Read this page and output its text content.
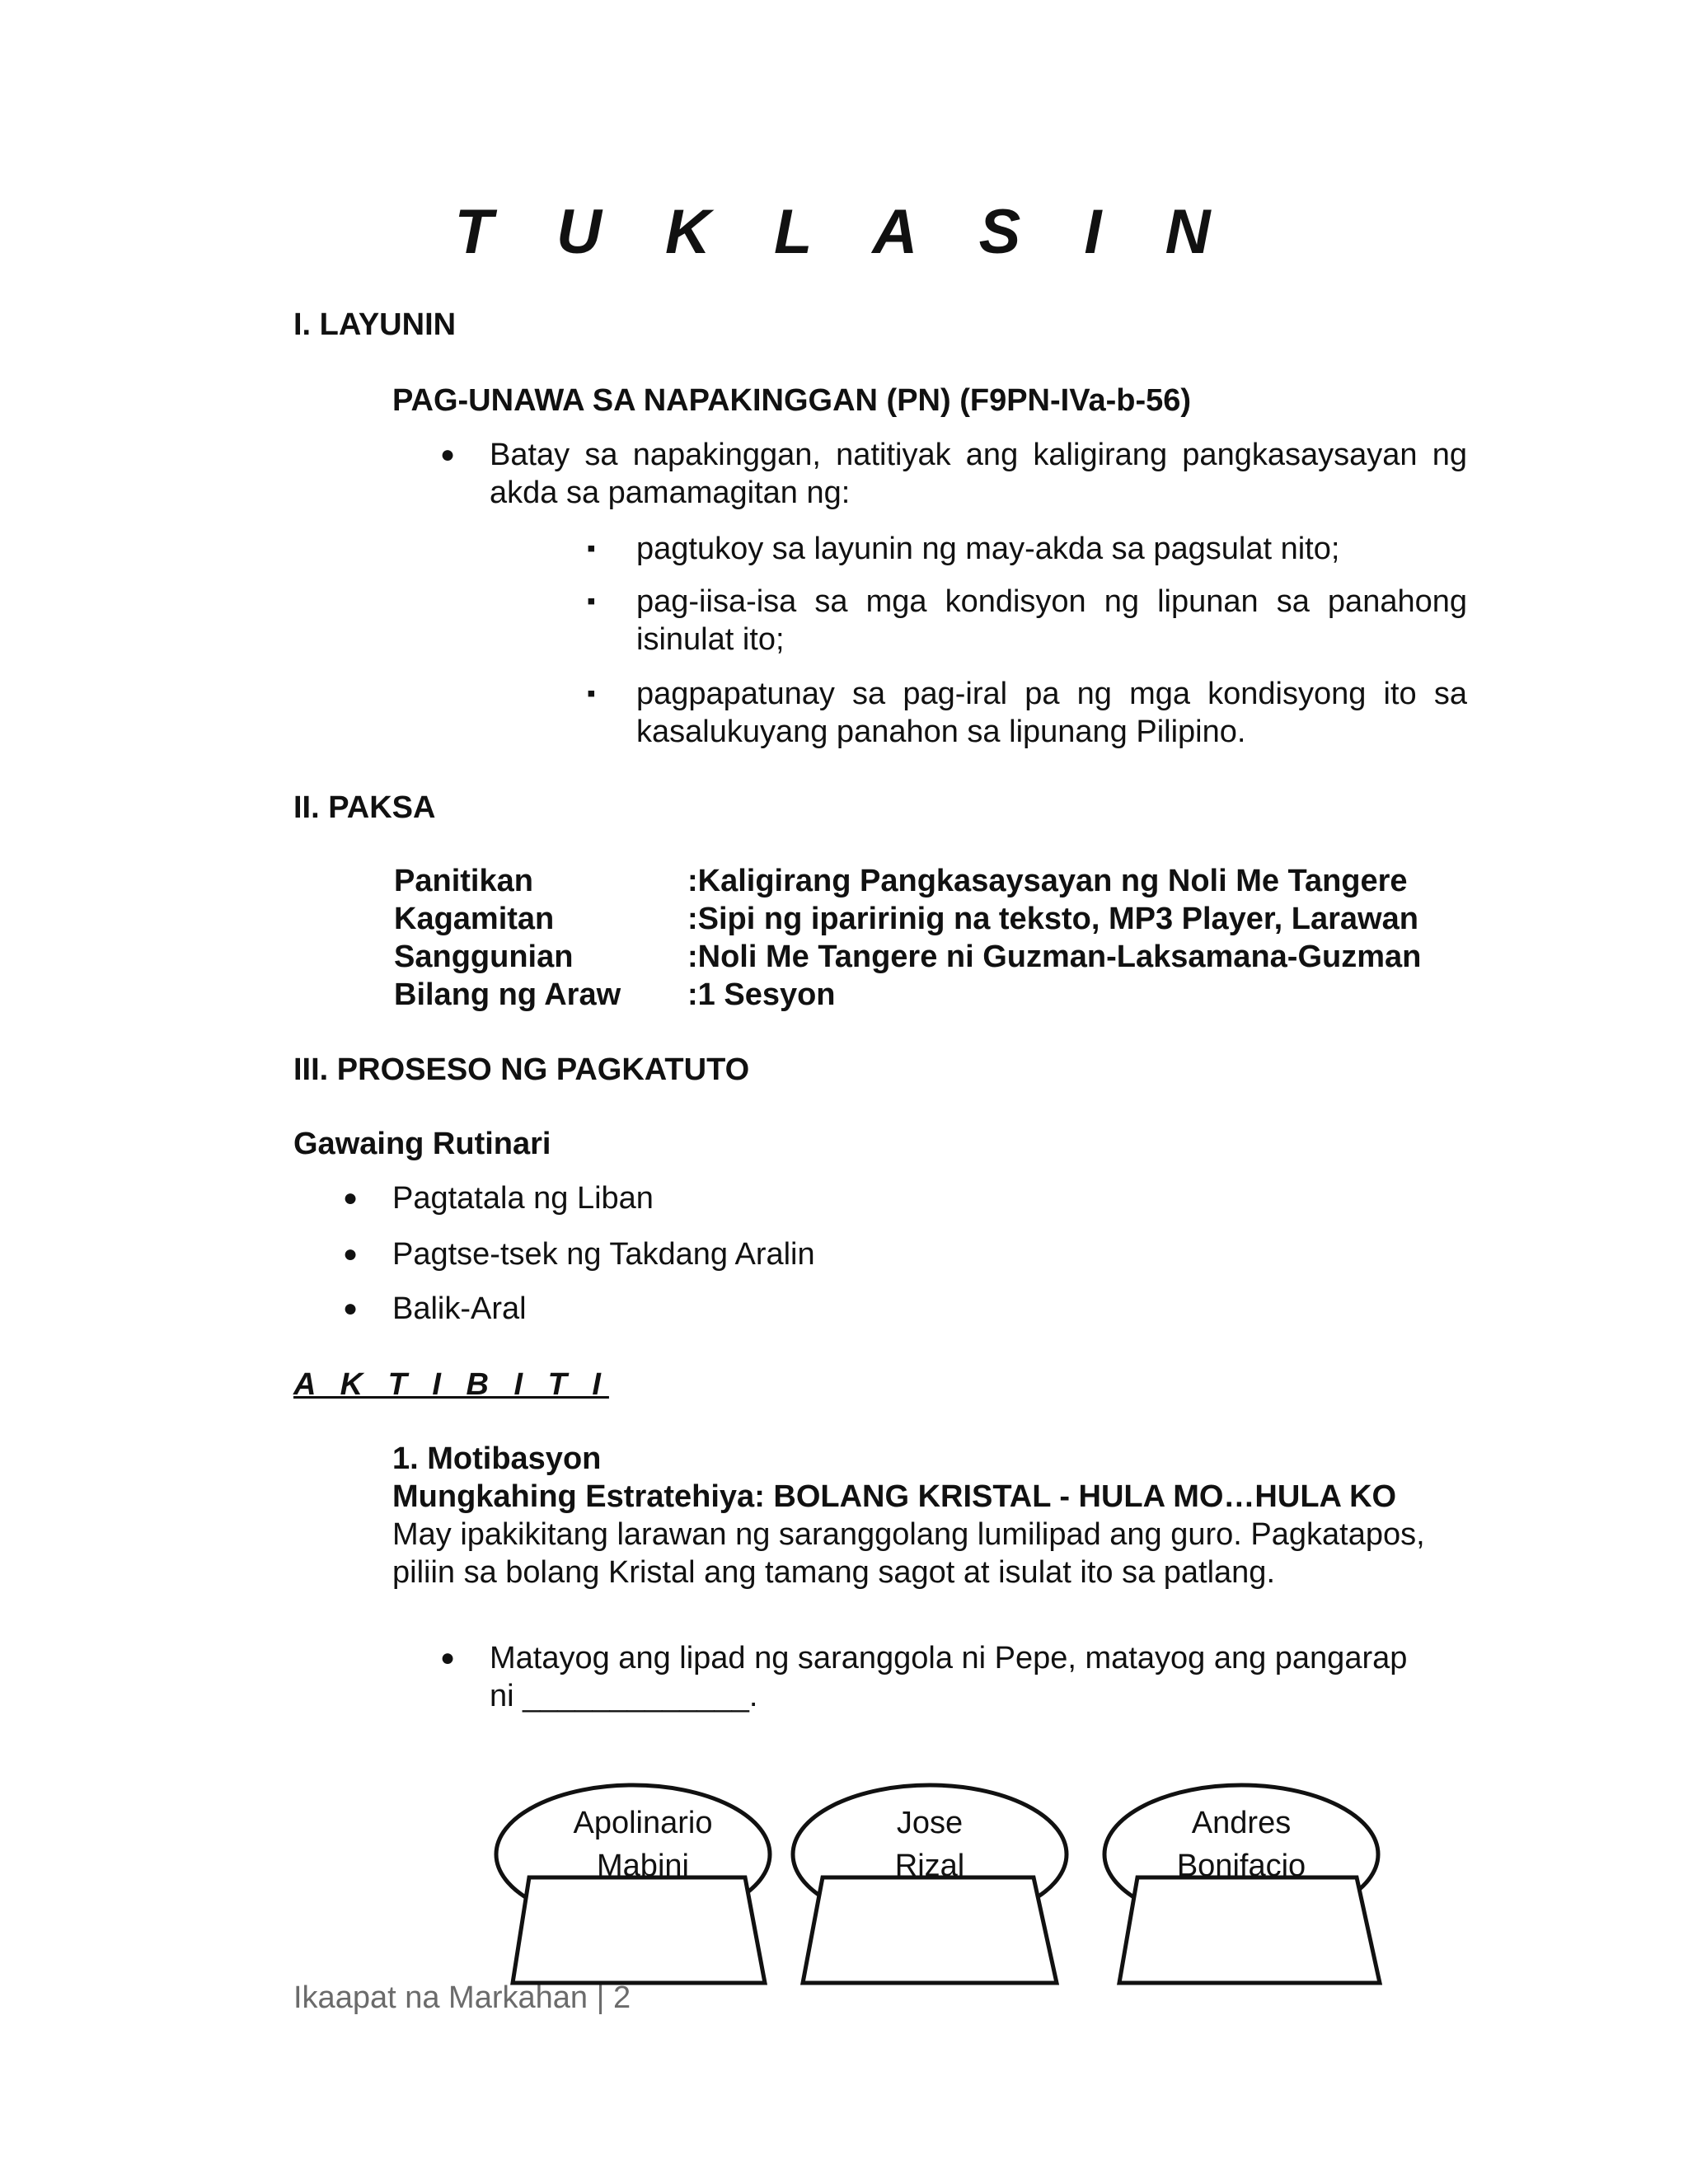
T U K L A S I N
I. LAYUNIN
PAG-UNAWA SA NAPAKINGGAN (PN) (F9PN-IVa-b-56)
● Batay sa napakinggan, natitiyak ang kaligirang pangkasaysayan ng
akda sa pamamagitan ng:
▪ pagtukoy sa layunin ng may-akda sa pagsulat nito;
▪ pag-iisa-isa sa mga kondisyon ng lipunan sa panahong
isinulat ito;
▪ pagpapatunay sa pag-iral pa ng mga kondisyong ito sa
kasalukuyang panahon sa lipunang Pilipino.
II. PAKSA
Panitikan	:Kaligirang Pangkasaysayan ng Noli Me Tangere
Kagamitan	:Sipi ng iparirinig na teksto, MP3 Player, Larawan
Sanggunian	:Noli Me Tangere ni Guzman-Laksamana-Guzman
Bilang ng Araw :1 Sesyon
III. PROSESO NG PAGKATUTO
Gawaing Rutinari
● Pagtatala ng Liban
● Pagtse-tsek ng Takdang Aralin
● Balik-Aral
A K T I B I T I
1. Motibasyon
Mungkahing Estratehiya: BOLANG KRISTAL - HULA MO…HULA KO
May ipakikitang larawan ng saranggolang lumilipad ang guro. Pagkatapos,
piliin sa bolang Kristal ang tamang sagot at isulat ito sa patlang.
● Matayog ang lipad ng saranggola ni Pepe, matayog ang pangarap
ni _____________.
Apolinario
Mabini
Jose
Rizal
Andres
Bonifacio
Ikaapat na Markahan | 2
